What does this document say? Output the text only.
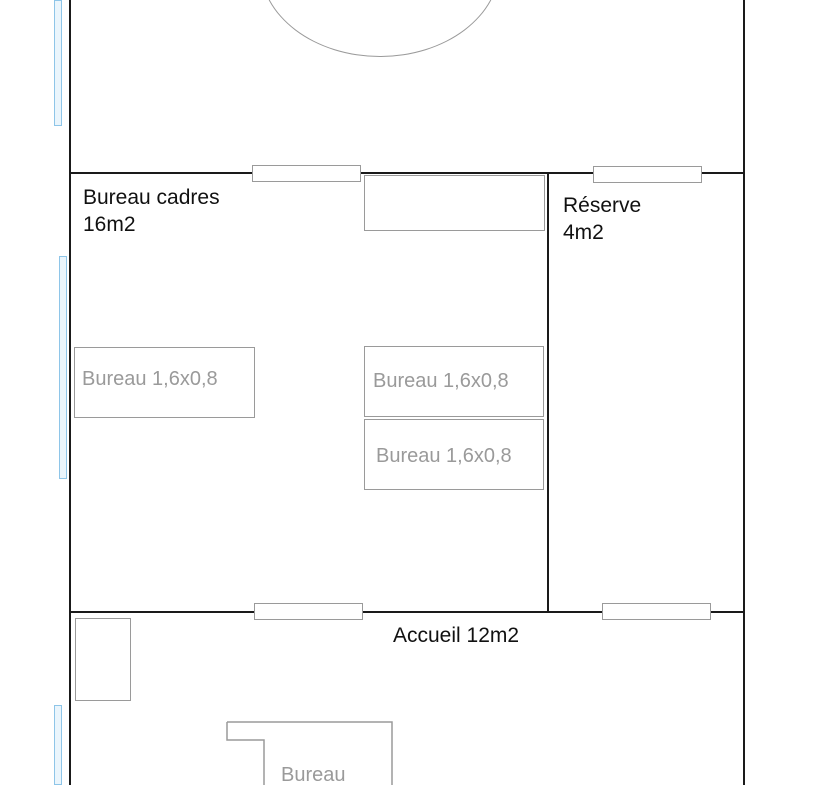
Bureau cadres
16m2
Réserve
4m2
Accueil 12m2
Bureau 1,6x0,8	Bureau 1,6x0,8
Bureau 1,6x0,8
Bureau
